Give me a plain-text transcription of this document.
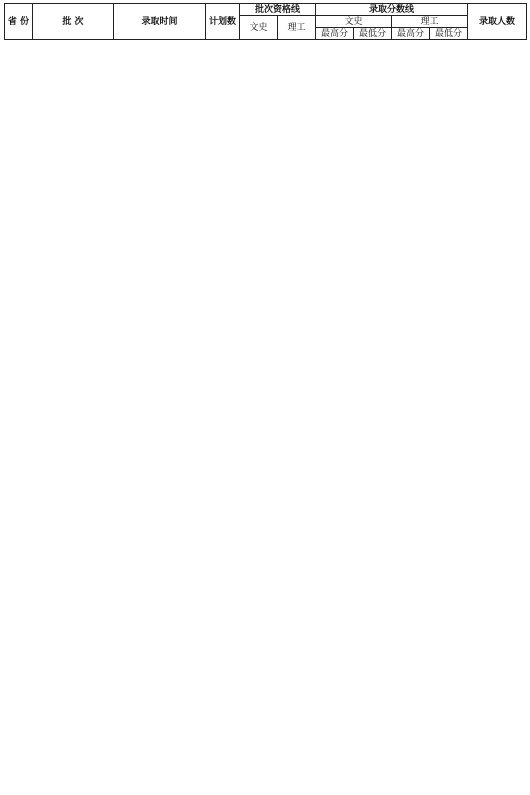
省 份	批 次	录取时间	计划数	批次资格线		录取分数线				录取人数
				文史	理工	文史		理工		
						最高分	最低分	最高分	最低分	
